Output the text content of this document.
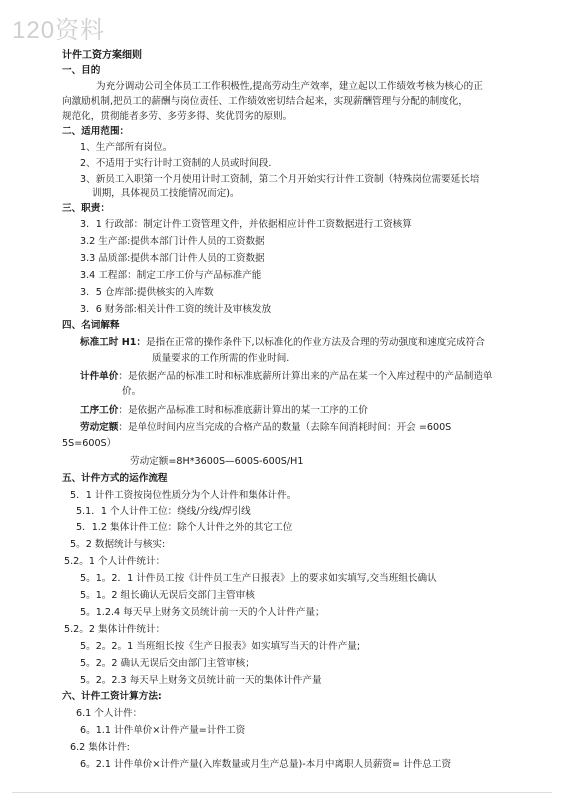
120资料
计件工资方案细则
一、目的
为充分调动公司全体员工工作积极性,提高劳动生产效率，建立起以工作绩效考核为核心的正
向激励机制,把员工的薪酬与岗位责任、工作绩效密切结合起来，实现薪酬管理与分配的制度化，
规范化，贯彻能者多劳、多劳多得、奖优罚劣的原则。
二、适用范围：
1、生产部所有岗位。
2、不适用于实行计时工资制的人员或时间段.
3、新员工入职第一个月使用计时工资制，第二个月开始实行计件工资制（特殊岗位需要延长培
训期，具体视员工技能情况而定)。
三、职责：
3．1 行政部：制定计件工资管理文件，并依据相应计件工资数据进行工资核算
3.2 生产部:提供本部门计件人员的工资数据
3.3 品质部:提供本部门计件人员的工资数据
3.4 工程部：制定工序工价与产品标准产能
3．5 仓库部:提供核实的入库数
3．6 财务部:相关计件工资的统计及审核发放
四、名词解释
标准工时 H1：是指在正常的操作条件下,以标准化的作业方法及合理的劳动强度和速度完成符合
质量要求的工作所需的作业时间.
计件单价：是依据产品的标准工时和标准底薪所计算出来的产品在某一个入库过程中的产品制造单
价。
工序工价：是依据产品标准工时和标准底薪计算出的某一工序的工价
劳动定额：是单位时间内应当完成的合格产品的数量（去除车间消耗时间：开会 =600S
5S=600S）
劳动定额=8H*3600S—600S-600S/H1
五、计件方式的运作流程
5．1 计件工资按岗位性质分为个人计件和集体计件。
5.1．1 个人计件工位：绕线/分线/焊引线
5．1.2 集体计件工位：除个人计件之外的其它工位
5。2 数据统计与核实:
5.2。1 个人计件统计：
5。1。2．1 计件员工按《计件员工生产日报表》上的要求如实填写,交当班组长确认
5。1。2 组长确认无误后交部门主管审核
5。1.2.4 每天早上财务文员统计前一天的个人计件产量；
5.2。2 集体计件统计：
5。2。2。1 当班组长按《生产日报表》如实填写当天的计件产量;
5。2。2 确认无误后交由部门主管审核；
5。2。2.3 每天早上财务文员统计前一天的集体计件产量
六、计件工资计算方法:
6.1 个人计件：
6。1.1 计件单价×计件产量=计件工资
6.2 集体计件:
6。2.1 计件单价×计件产量(入库数量或月生产总量)-本月中离职人员薪资= 计件总工资
